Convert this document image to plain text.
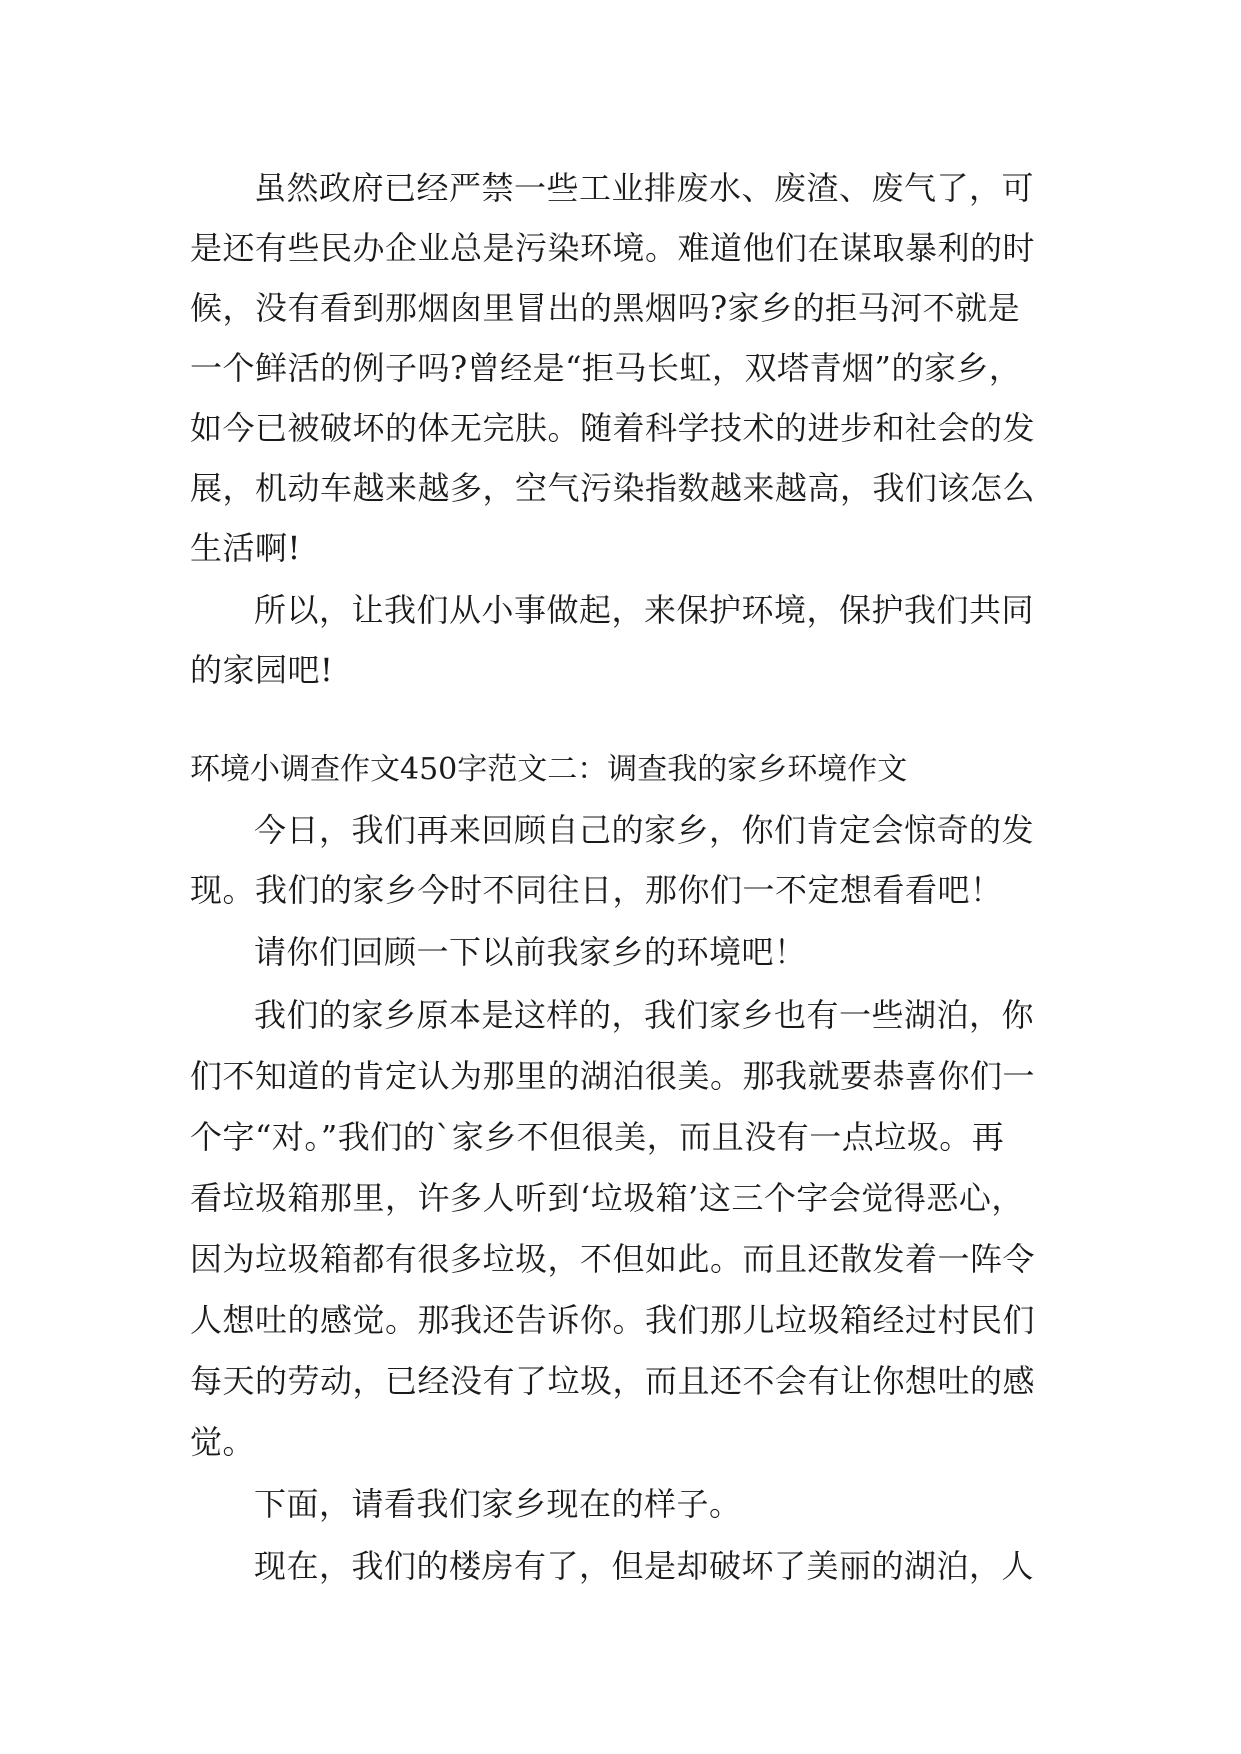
虽然政府已经严禁一些工业排废水、废渣、废气了，可
是还有些民办企业总是污染环境。难道他们在谋取暴利的时
候，没有看到那烟囱里冒出的黑烟吗?家乡的拒马河不就是
一个鲜活的例子吗?曾经是“拒马长虹，双塔青烟”的家乡，
如今已被破坏的体无完肤。随着科学技术的进步和社会的发
展，机动车越来越多，空气污染指数越来越高，我们该怎么
生活啊!
所以，让我们从小事做起，来保护环境，保护我们共同
的家园吧!
环境小调查作文450字范文二：调查我的家乡环境作文
今日，我们再来回顾自己的家乡，你们肯定会惊奇的发
现。我们的家乡今时不同往日，那你们一不定想看看吧！
请你们回顾一下以前我家乡的环境吧！
我们的家乡原本是这样的，我们家乡也有一些湖泊，你
们不知道的肯定认为那里的湖泊很美。那我就要恭喜你们一
个字“对。”我们的`家乡不但很美，而且没有一点垃圾。再
看垃圾箱那里，许多人听到‘垃圾箱’这三个字会觉得恶心，
因为垃圾箱都有很多垃圾，不但如此。而且还散发着一阵令
人想吐的感觉。那我还告诉你。我们那儿垃圾箱经过村民们
每天的劳动，已经没有了垃圾，而且还不会有让你想吐的感
觉。
下面，请看我们家乡现在的样子。
现在，我们的楼房有了，但是却破坏了美丽的湖泊，人
